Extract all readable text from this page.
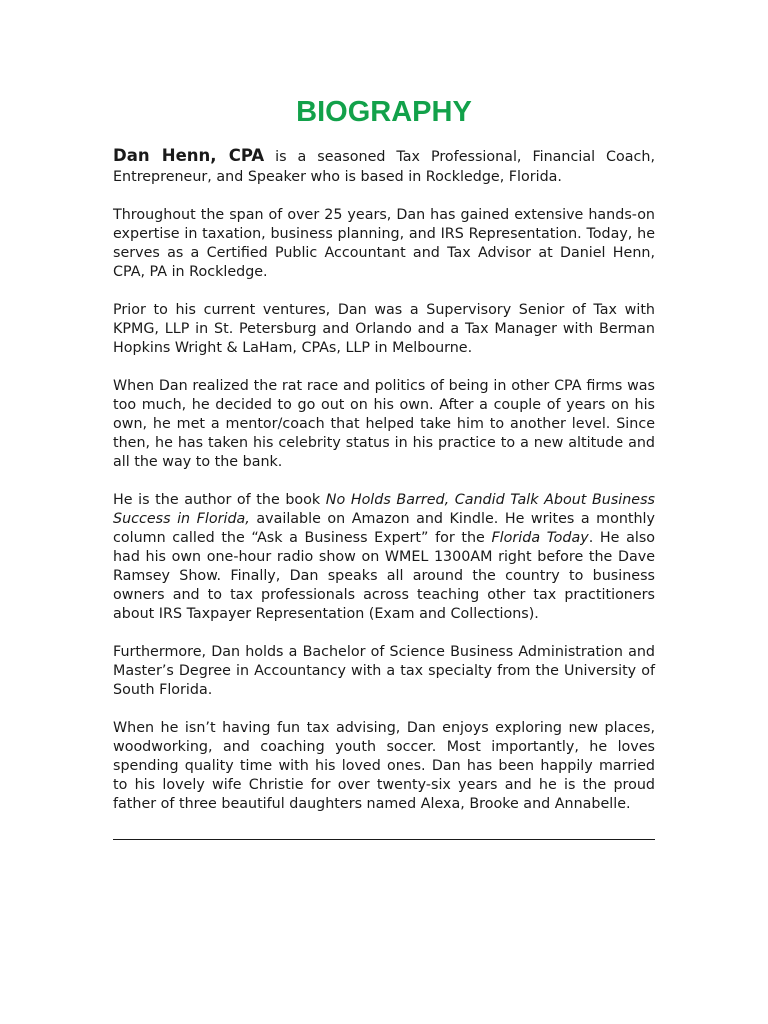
BIOGRAPHY

Dan Henn, CPA is a seasoned Tax Professional, Financial Coach, Entrepreneur, and Speaker who is based in Rockledge, Florida.

Throughout the span of over 25 years, Dan has gained extensive hands-on expertise in taxation, business planning, and IRS Representation. Today, he serves as a Certified Public Accountant and Tax Advisor at Daniel Henn, CPA, PA in Rockledge.

Prior to his current ventures, Dan was a Supervisory Senior of Tax with KPMG, LLP in St. Petersburg and Orlando and a Tax Manager with Berman Hopkins Wright & LaHam, CPAs, LLP in Melbourne.

When Dan realized the rat race and politics of being in other CPA firms was too much, he decided to go out on his own. After a couple of years on his own, he met a mentor/coach that helped take him to another level. Since then, he has taken his celebrity status in his practice to a new altitude and all the way to the bank.

He is the author of the book No Holds Barred, Candid Talk About Business Success in Florida, available on Amazon and Kindle. He writes a monthly column called the “Ask a Business Expert” for the Florida Today. He also had his own one-hour radio show on WMEL 1300AM right before the Dave Ramsey Show. Finally, Dan speaks all around the country to business owners and to tax professionals across teaching other tax practitioners about IRS Taxpayer Representation (Exam and Collections).

Furthermore, Dan holds a Bachelor of Science Business Administration and Master’s Degree in Accountancy with a tax specialty from the University of South Florida.

When he isn’t having fun tax advising, Dan enjoys exploring new places, woodworking, and coaching youth soccer. Most importantly, he loves spending quality time with his loved ones. Dan has been happily married to his lovely wife Christie for over twenty-six years and he is the proud father of three beautiful daughters named Alexa, Brooke and Annabelle.
